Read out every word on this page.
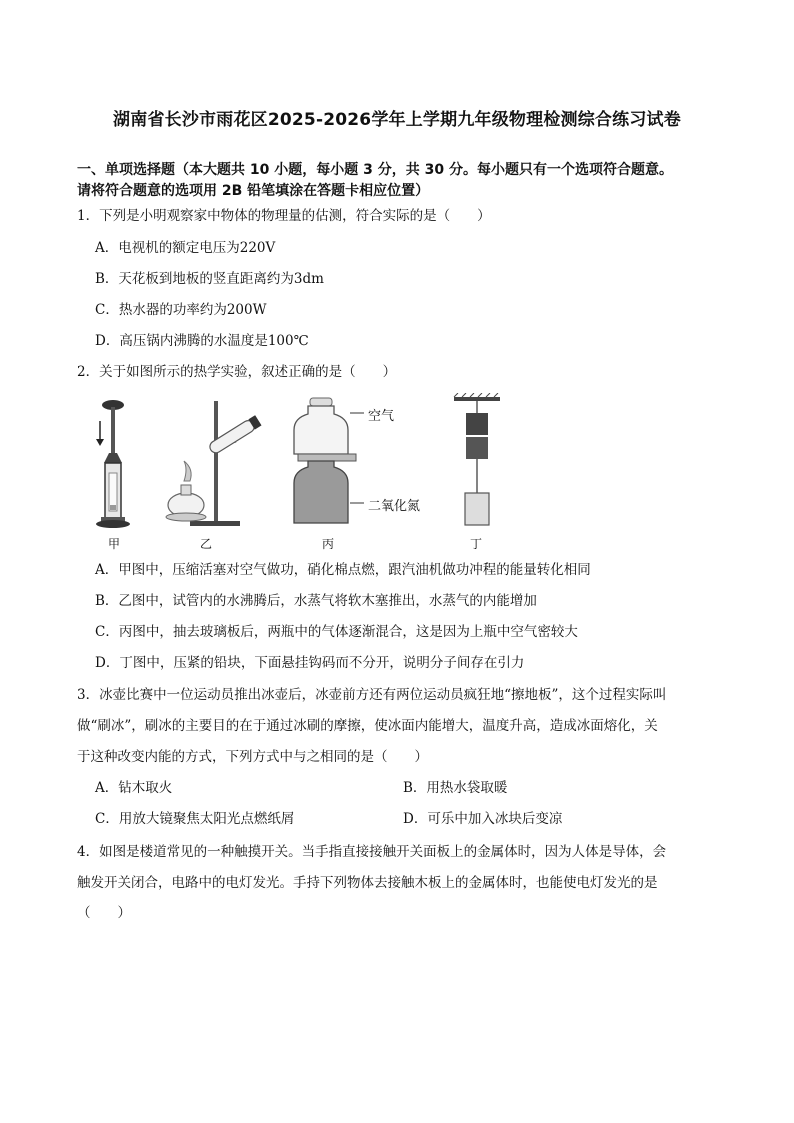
湖南省长沙市雨花区2025-2026学年上学期九年级物理检测综合练习试卷
一、单项选择题（本大题共 10 小题，每小题 3 分，共 30 分。每小题只有一个选项符合题意。
请将符合题意的选项用 2B 铅笔填涂在答题卡相应位置）
1．下列是小明观察家中物体的物理量的估测，符合实际的是（　　）
A．电视机的额定电压为220V
B．天花板到地板的竖直距离约为3dm
C．热水器的功率约为200W
D．高压锅内沸腾的水温度是100℃
2．关于如图所示的热学实验，叙述正确的是（　　）
空气
二氧化氮
甲	乙	丙	丁
A．甲图中，压缩活塞对空气做功，硝化棉点燃，跟汽油机做功冲程的能量转化相同
B．乙图中，试管内的水沸腾后，水蒸气将软木塞推出，水蒸气的内能增加
C．丙图中，抽去玻璃板后，两瓶中的气体逐渐混合，这是因为上瓶中空气密较大
D．丁图中，压紧的铅块，下面悬挂钩码而不分开，说明分子间存在引力
3．冰壶比赛中一位运动员推出冰壶后，冰壶前方还有两位运动员疯狂地“擦地板”，这个过程实际叫
做“刷冰”，刷冰的主要目的在于通过冰刷的摩擦，使冰面内能增大，温度升高，造成冰面熔化，关
于这种改变内能的方式，下列方式中与之相同的是（　　）
A．钻木取火	B．用热水袋取暖
C．用放大镜聚焦太阳光点燃纸屑	D．可乐中加入冰块后变凉
4．如图是楼道常见的一种触摸开关。当手指直接接触开关面板上的金属体时，因为人体是导体，会
触发开关闭合，电路中的电灯发光。手持下列物体去接触木板上的金属体时，也能使电灯发光的是
（　　）
